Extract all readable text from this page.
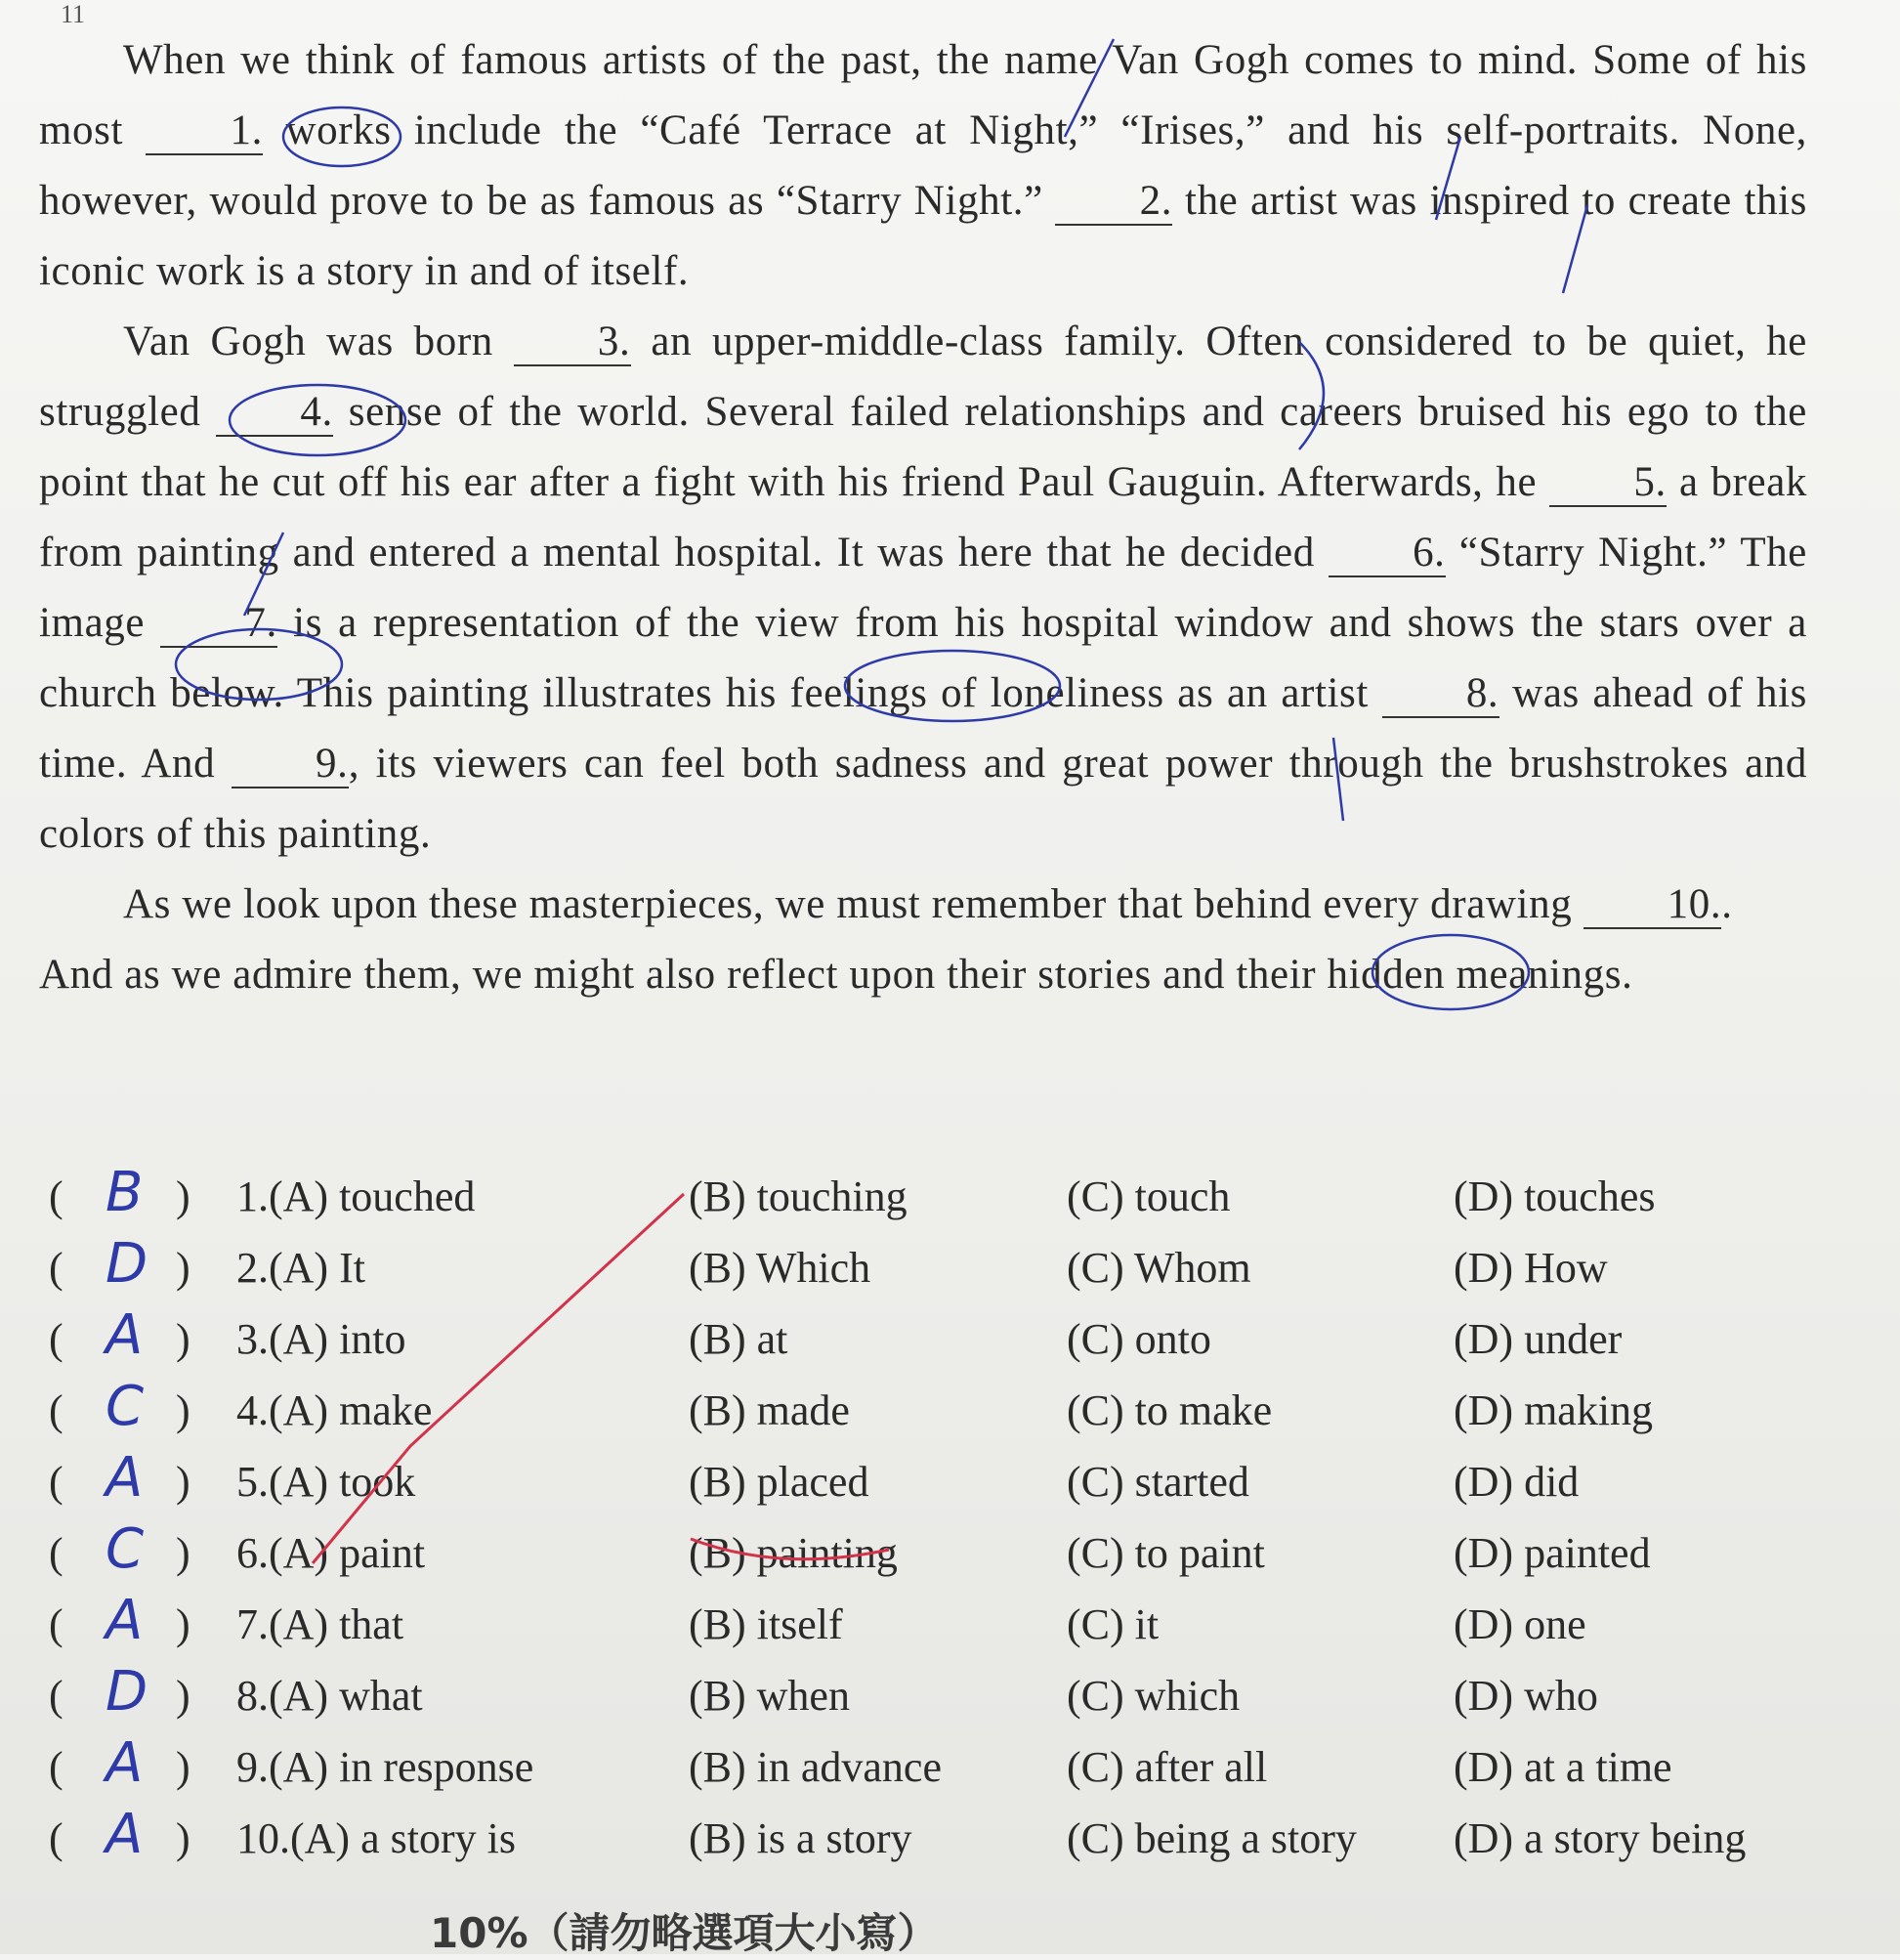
11

When we think of famous artists of the past, the name Van Gogh comes to mind. Some of his most 1. works include the “Café Terrace at Night,” “Irises,” and his self-portraits. None, however, would prove to be as famous as “Starry Night.” 2. the artist was inspired to create this iconic work is a story in and of itself.

Van Gogh was born 3. an upper-middle-class family. Often considered to be quiet, he struggled 4. sense of the world. Several failed relationships and careers bruised his ego to the point that he cut off his ear after a fight with his friend Paul Gauguin. Afterwards, he 5. a break from painting and entered a mental hospital. It was here that he decided 6. “Starry Night.” The image 7. is a representation of the view from his hospital window and shows the stars over a church below. This painting illustrates his feelings of loneliness as an artist 8. was ahead of his time. And 9., its viewers can feel both sadness and great power through the brushstrokes and colors of this painting.

As we look upon these masterpieces, we must remember that behind every drawing 10.. And as we admire them, we might also reflect upon their stories and their hidden meanings.

( B ) 1.(A) touched	(B) touching	(C) touch	(D) touches
( D ) 2.(A) It	(B) Which	(C) Whom	(D) How
( A ) 3.(A) into	(B) at	(C) onto	(D) under
( C ) 4.(A) make	(B) made	(C) to make	(D) making
( A ) 5.(A) took	(B) placed	(C) started	(D) did
( C ) 6.(A) paint	(B) painting	(C) to paint	(D) painted
( A ) 7.(A) that	(B) itself	(C) it	(D) one
( D ) 8.(A) what	(B) when	(C) which	(D) who
( A ) 9.(A) in response	(B) in advance	(C) after all	(D) at a time
( A ) 10.(A) a story is	(B) is a story	(C) being a story (D) a story being
10%（請勿略選項大小寫）
